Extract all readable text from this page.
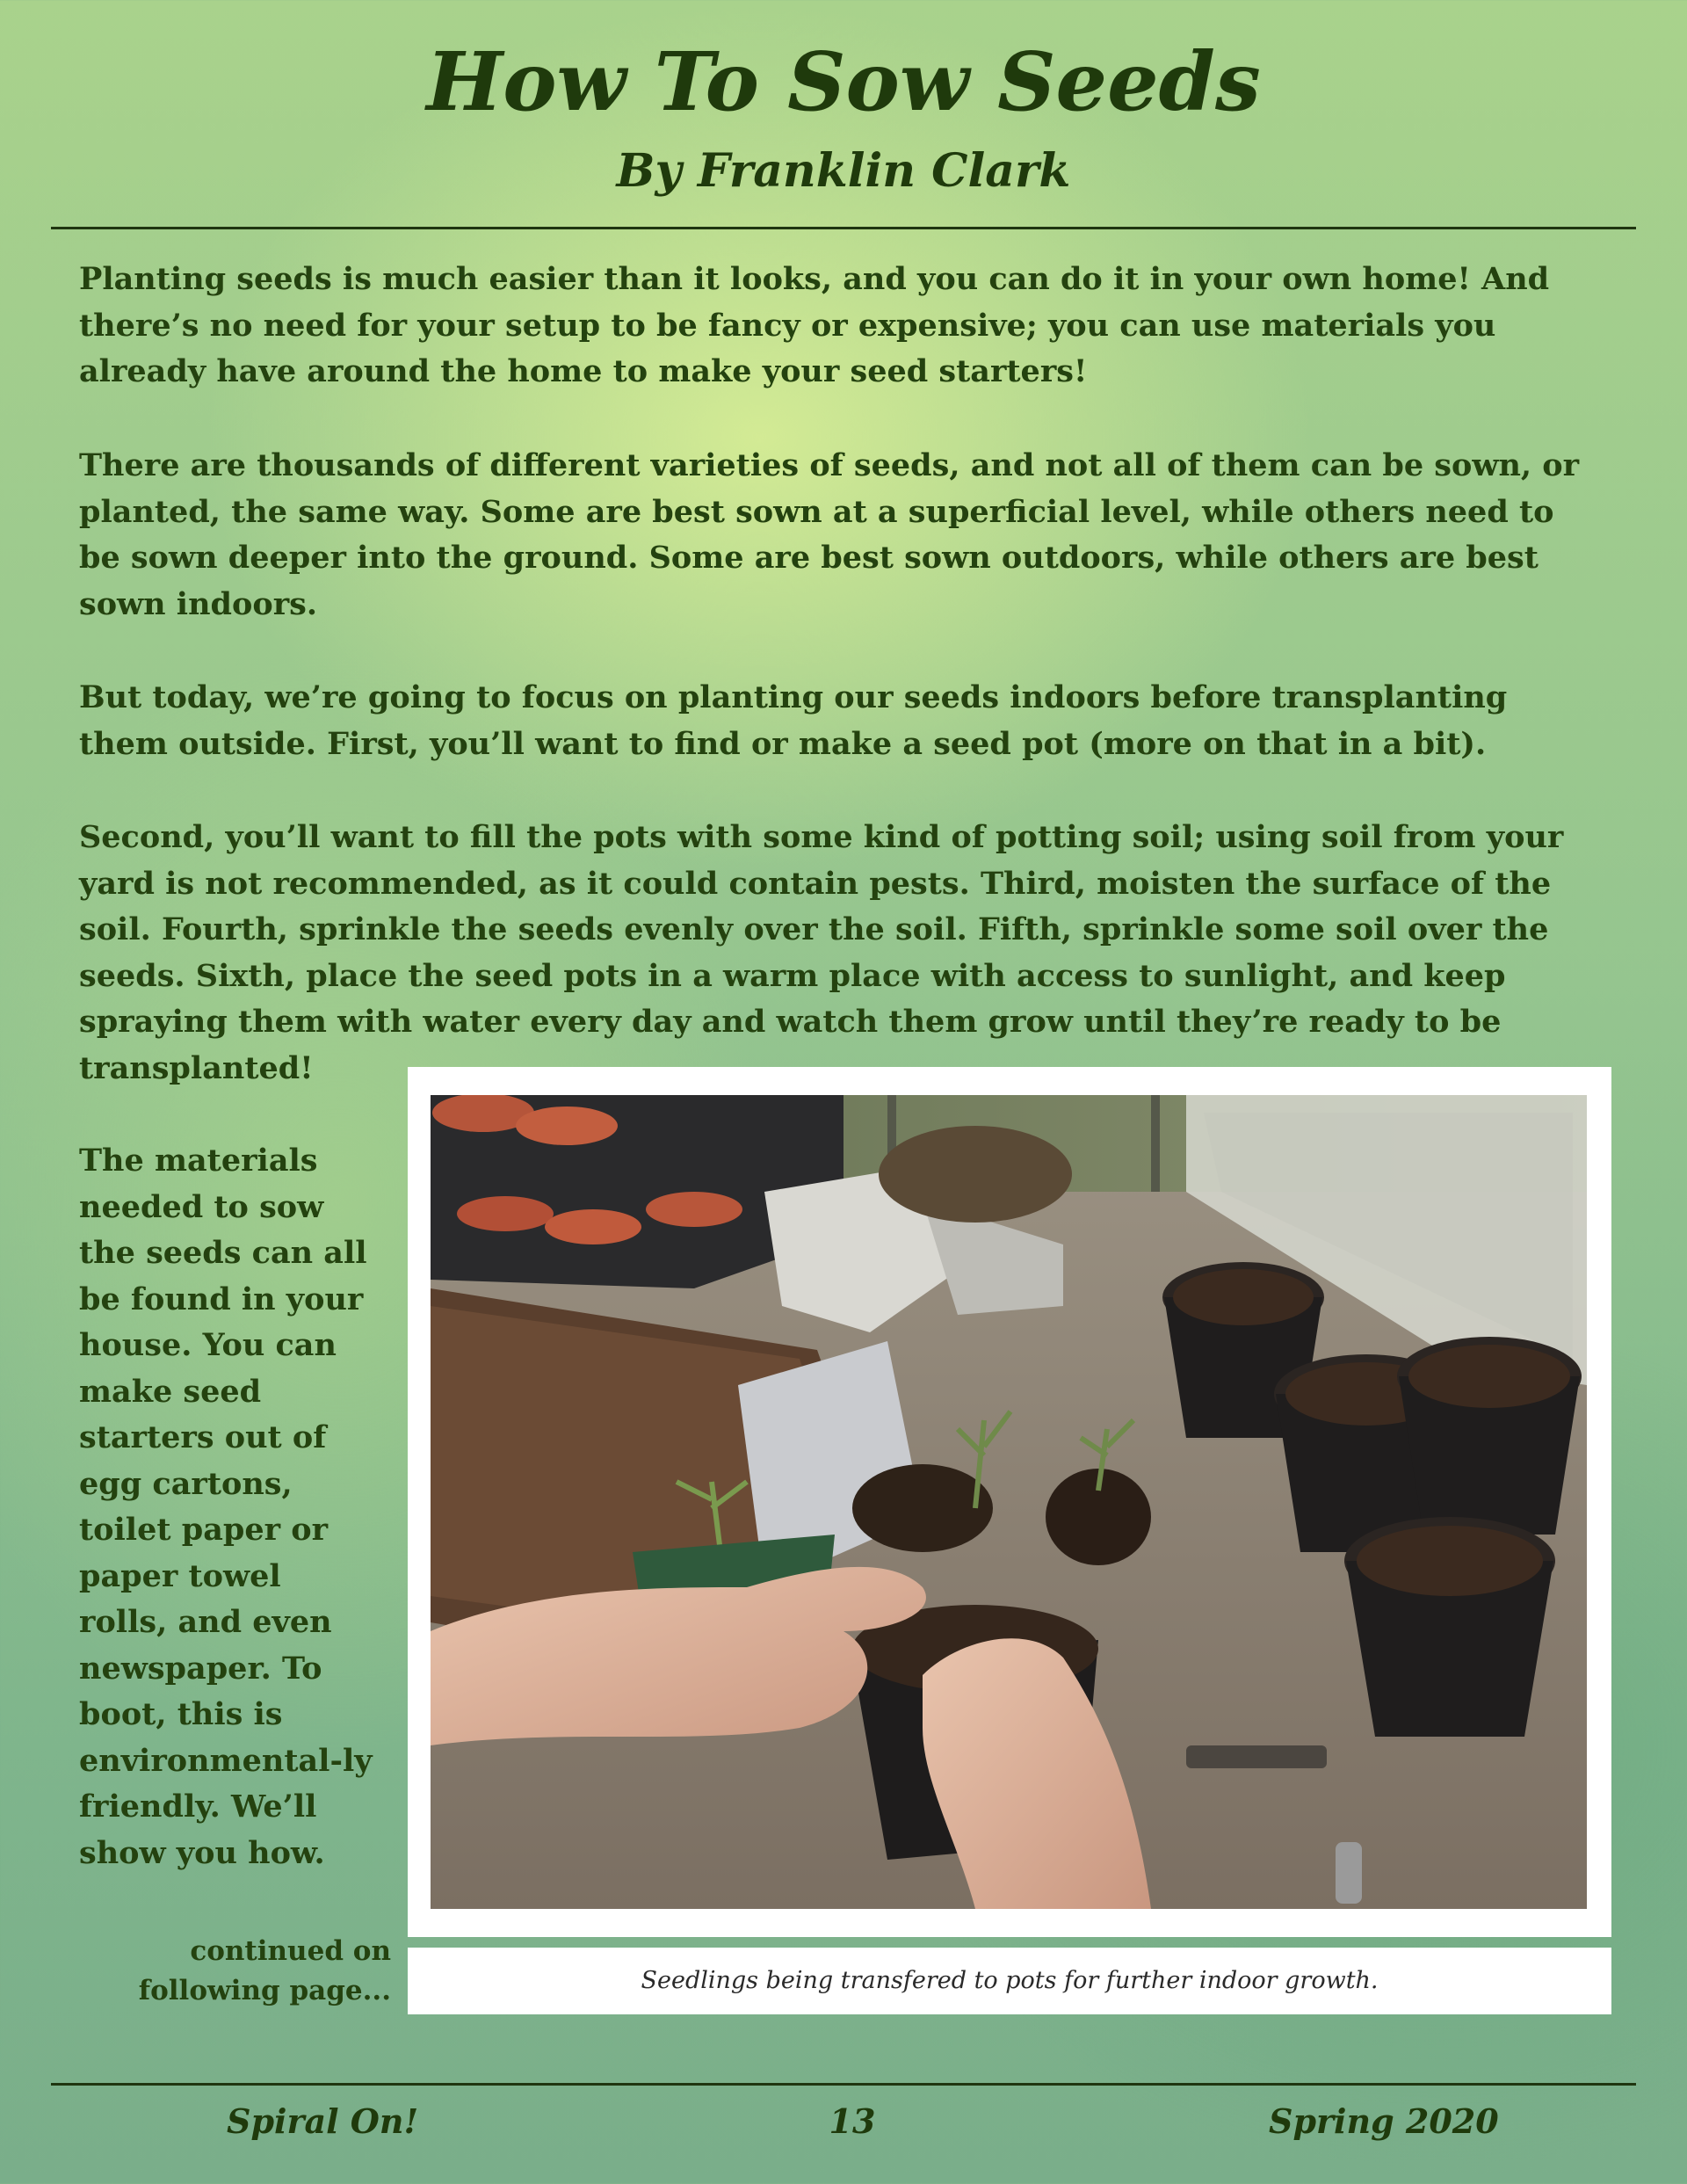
How To Sow Seeds
By Franklin Clark

Planting seeds is much easier than it looks, and you can do it in your own home! And there’s no need for your setup to be fancy or expensive; you can use materials you already have around the home to make your seed starters!

There are thousands of different varieties of seeds, and not all of them can be sown, or planted, the same way. Some are best sown at a superficial level, while others need to be sown deeper into the ground. Some are best sown outdoors, while others are best sown indoors.

But today, we’re going to focus on planting our seeds indoors before transplanting them outside. First, you’ll want to find or make a seed pot (more on that in a bit).

Second, you’ll want to fill the pots with some kind of potting soil; using soil from your yard is not recommended, as it could contain pests. Third, moisten the surface of the soil. Fourth, sprinkle the seeds evenly over the soil. Fifth, sprinkle some soil over the seeds. Sixth, place the seed pots in a warm place with access to sunlight, and keep spraying them with water every day and watch them grow until they’re ready to be transplanted!

The materials needed to sow the seeds can all be found in your house. You can make seed starters out of egg cartons, toilet paper or paper towel rolls, and even newspaper. To boot, this is environmental-ly friendly. We’ll show you how.

continued on following page...	Seedlings being transfered to pots for further indoor growth.

Spiral On!	13	Spring 2020
